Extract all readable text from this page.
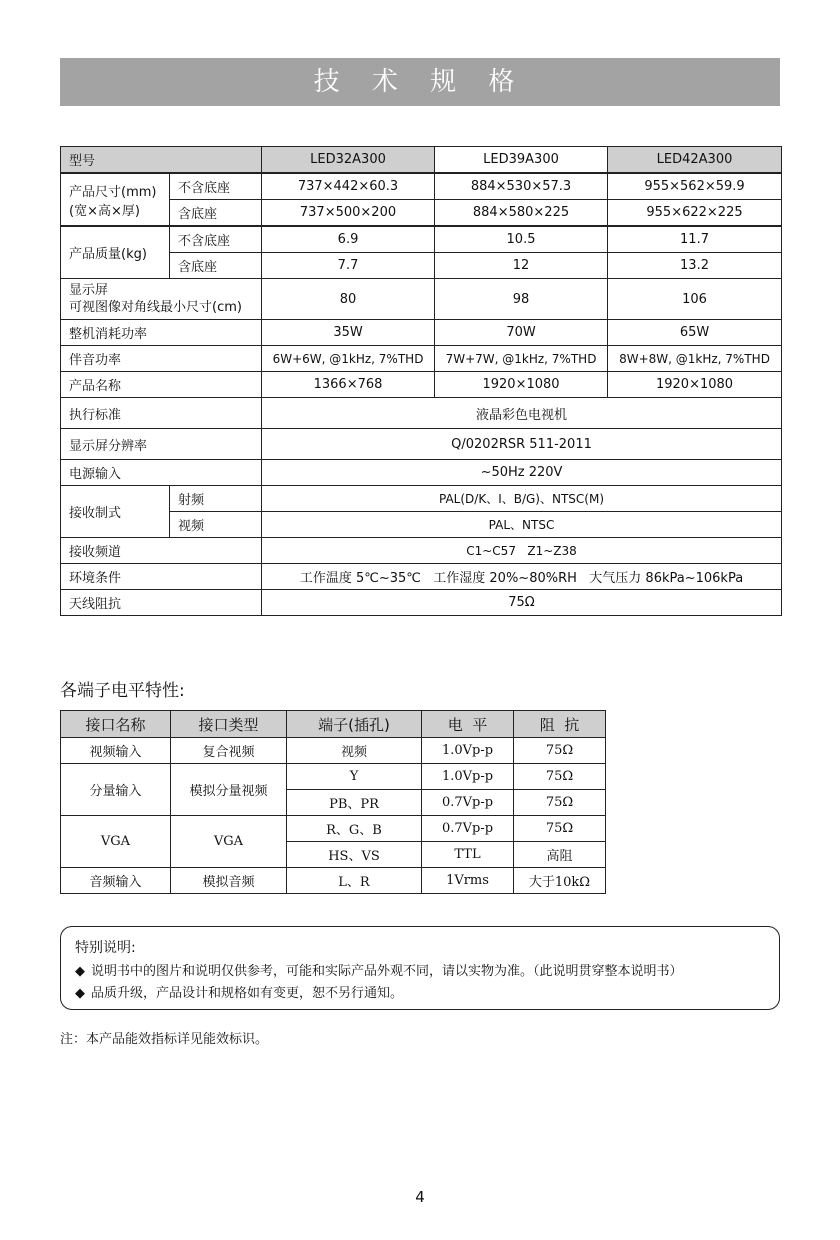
技 术 规 格
型号		LED32A300	LED39A300	LED42A300

产品尺寸(mm)
(宽×高×厚)	不含底座	737×442×60.3	884×530×57.3	955×562×59.9
	含底座	737×500×200	884×580×225	955×622×225
产品质量(kg)	不含底座	6.9	10.5	11.7
	含底座	7.7	12	13.2

显示屏
可视图像对角线最小尺寸(cm)		80	98	106
整机消耗功率		35W	70W	65W
伴音功率		6W+6W, @1kHz, 7%THD	7W+7W, @1kHz, 7%THD	8W+8W, @1kHz, 7%THD
产品名称		1366×768	1920×1080	1920×1080
执行标准		液晶彩色电视机		
显示屏分辨率		Q/0202RSR 511-2011		
电源输入		~50Hz 220V		
接收制式	射频	PAL(D/K、I、B/G)、NTSC(M)		
	视频	PAL、NTSC		
接收频道		C1~C57   Z1~Z38		
环境条件		工作温度 5℃~35℃   工作湿度 20%~80%RH   大气压力 86kPa~106kPa		
天线阻抗		75Ω		
各端子电平特性:
接口名称	接口类型	端子(插孔)	电  平	阻  抗
视频输入	复合视频	视频	1.0Vp-p	75Ω
分量输入	模拟分量视频	Y	1.0Vp-p	75Ω
		PB、PR	0.7Vp-p	75Ω
VGA	VGA	R、G、B	0.7Vp-p	75Ω
		HS、VS	TTL	高阻
音频输入	模拟音频	L、R	1Vrms	大于10kΩ
特别说明:
◆ 说明书中的图片和说明仅供参考，可能和实际产品外观不同，请以实物为准。（此说明贯穿整本说明书）
◆ 品质升级，产品设计和规格如有变更，恕不另行通知。
注：本产品能效指标详见能效标识。
4
